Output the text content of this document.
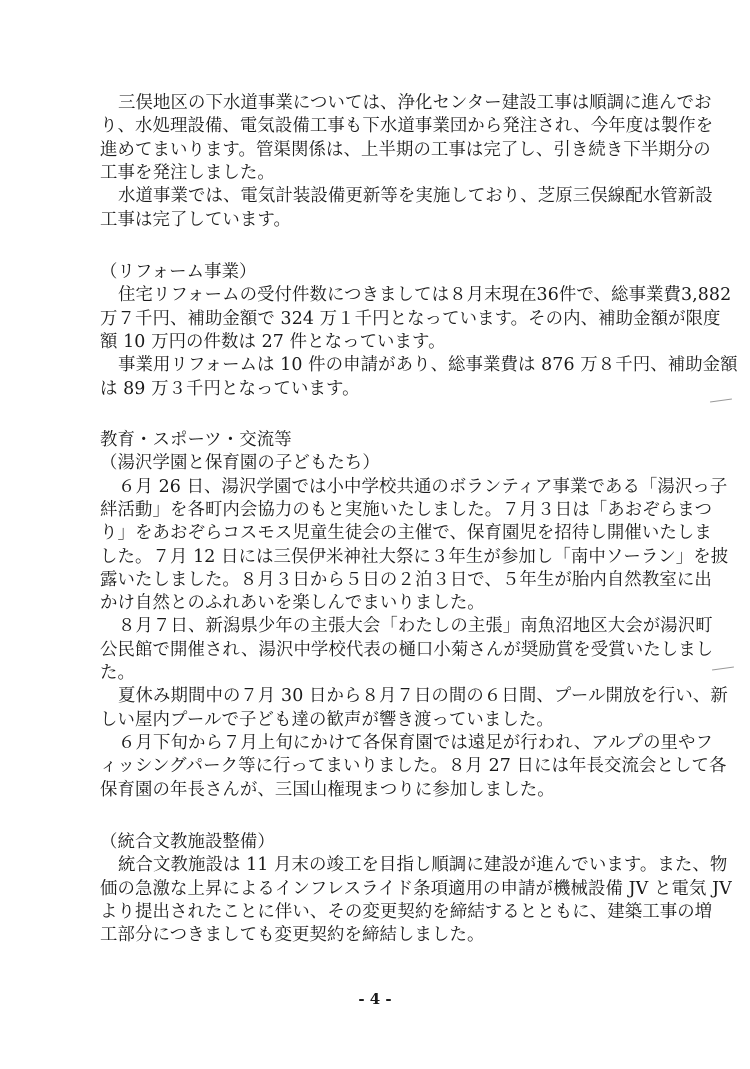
三俣地区の下水道事業については、浄化センター建設工事は順調に進んでお
り、水処理設備、電気設備工事も下水道事業団から発注され、今年度は製作を
進めてまいります。管渠関係は、上半期の工事は完了し、引き続き下半期分の
工事を発注しました。
水道事業では、電気計装設備更新等を実施しており、芝原三俣線配水管新設
工事は完了しています。
（リフォーム事業）
住宅リフォームの受付件数につきましては８月末現在36件で、総事業費3,882
万７千円、補助金額で 324 万１千円となっています。その内、補助金額が限度
額 10 万円の件数は 27 件となっています。
事業用リフォームは 10 件の申請があり、総事業費は 876 万８千円、補助金額
は 89 万３千円となっています。
教育・スポーツ・交流等
（湯沢学園と保育園の子どもたち）
６月 26 日、湯沢学園では小中学校共通のボランティア事業である「湯沢っ子
絆活動」を各町内会協力のもと実施いたしました。７月３日は「あおぞらまつ
り」をあおぞらコスモス児童生徒会の主催で、保育園児を招待し開催いたしま
した。７月 12 日には三俣伊米神社大祭に３年生が参加し「南中ソーラン」を披
露いたしました。８月３日から５日の２泊３日で、５年生が胎内自然教室に出
かけ自然とのふれあいを楽しんでまいりました。
８月７日、新潟県少年の主張大会「わたしの主張」南魚沼地区大会が湯沢町
公民館で開催され、湯沢中学校代表の樋口小菊さんが奨励賞を受賞いたしまし
た。
夏休み期間中の７月 30 日から８月７日の間の６日間、プール開放を行い、新
しい屋内プールで子ども達の歓声が響き渡っていました。
６月下旬から７月上旬にかけて各保育園では遠足が行われ、アルプの里やフ
ィッシングパーク等に行ってまいりました。８月 27 日には年長交流会として各
保育園の年長さんが、三国山権現まつりに参加しました。
（統合文教施設整備）
統合文教施設は 11 月末の竣工を目指し順調に建設が進んでいます。また、物
価の急激な上昇によるインフレスライド条項適用の申請が機械設備 JV と電気 JV
より提出されたことに伴い、その変更契約を締結するとともに、建築工事の増
工部分につきましても変更契約を締結しました。
- 4 -
